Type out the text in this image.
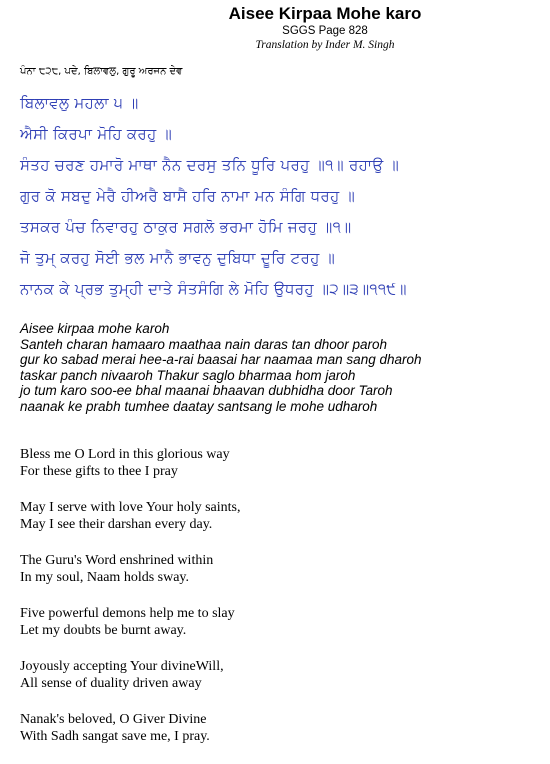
Aisee Kirpaa Mohe karo
SGGS Page 828
Translation by Inder M. Singh
ਪੰਨਾ ੮੨੮, ਪਦੇ, ਬਿਲਾਵਲੁ, ਗੁਰੂ ਅਰਜਨ ਦੇਵ
ਬਿਲਾਵਲੁ ਮਹਲਾ ੫ ॥
ਐਸੀ ਕਿਰਪਾ ਮੋਹਿ ਕਰਹੁ ॥
ਸੰਤਹ ਚਰਣ ਹਮਾਰੋ ਮਾਥਾ ਨੈਨ ਦਰਸੁ ਤਨਿ ਧੂਰਿ ਪਰਹੁ ॥੧॥ ਰਹਾਉ ॥
ਗੁਰ ਕੋ ਸਬਦੁ ਮੇਰੈ ਹੀਅਰੈ ਬਾਸੈ ਹਰਿ ਨਾਮਾ ਮਨ ਸੰਗਿ ਧਰਹੁ ॥
ਤਸਕਰ ਪੰਚ ਨਿਵਾਰਹੁ ਠਾਕੁਰ ਸਗਲੋ ਭਰਮਾ ਹੋਮਿ ਜਰਹੁ ॥੧॥
ਜੋ ਤੁਮ੍ ਕਰਹੁ ਸੋਈ ਭਲ ਮਾਨੈ ਭਾਵਨੁ ਦੁਬਿਧਾ ਦੂਰਿ ਟਰਹੁ ॥
ਨਾਨਕ ਕੇ ਪ੍ਰਭ ਤੁਮ੍ਹੀ ਦਾਤੇ ਸੰਤਸੰਗਿ ਲੇ ਮੋਹਿ ਉਧਰਹੁ ॥੨॥੩॥੧੧੯॥
Aisee kirpaa mohe karoh
Santeh charan hamaaro maathaa nain daras tan dhoor paroh
gur ko sabad merai hee-a-rai baasai har naamaa man sang dharoh
taskar panch nivaaroh Thakur saglo bharmaa hom jaroh
jo tum karo soo-ee bhal maanai bhaavan dubhidha door Taroh
naanak ke prabh tumhee daatay santsang le mohe udharoh
Bless me O Lord in this glorious way
For these gifts to thee I pray
May I serve with love Your holy saints,
May I see their darshan every day.
The Guru's Word enshrined within
In my soul, Naam holds sway.
Five powerful demons help me to slay
Let my doubts be burnt away.
Joyously accepting Your divineWill,
All sense of duality driven away
Nanak's beloved, O Giver Divine
With Sadh sangat save me, I pray.
